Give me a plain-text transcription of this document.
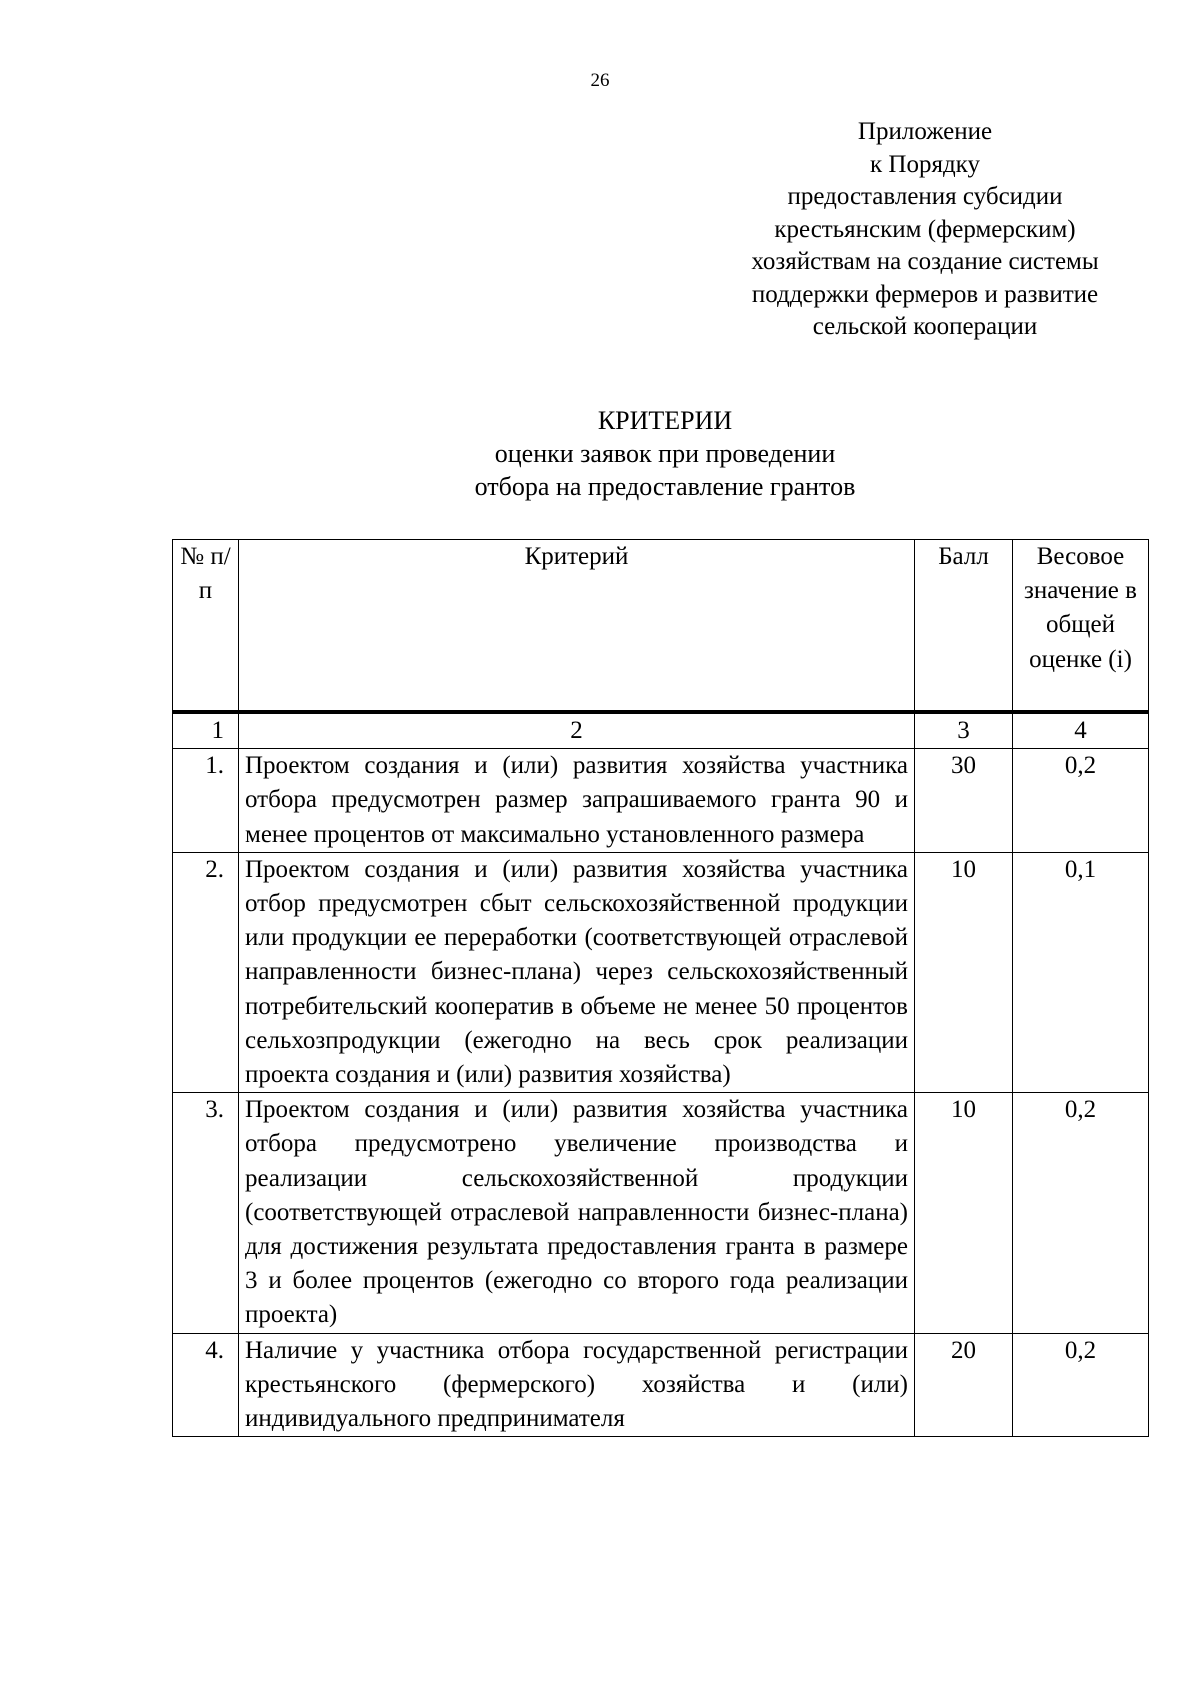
26
Приложение
к Порядку
предоставления субсидии
крестьянским (фермерским)
хозяйствам на создание системы
поддержки фермеров и развитие
сельской кооперации
КРИТЕРИИ
оценки заявок при проведении
отбора на предоставление грантов
№ п/п	Критерий	Балл	Весовое значение в общей оценке (i)
1	2	3	4
1.	Проектом создания и (или) развития хозяйства участника отбора предусмотрен размер запрашиваемого гранта 90 и менее процентов от максимально установленного размера	30	0,2
2.	Проектом создания и (или) развития хозяйства участника отбор предусмотрен сбыт сельскохозяйственной продукции или продукции ее переработки (соответствующей отраслевой направленности бизнес-плана) через сельскохозяйственный потребительский кооператив в объеме не менее 50 процентов сельхозпродукции (ежегодно на весь срок реализации проекта создания и (или) развития хозяйства)	10	0,1
3.	Проектом создания и (или) развития хозяйства участника отбора предусмотрено увеличение производства и реализации сельскохозяйственной продукции (соответствующей отраслевой направленности бизнес-плана) для достижения результата предоставления гранта в размере 3 и более процентов (ежегодно со второго года реализации проекта)	10	0,2
4.	Наличие у участника отбора государственной регистрации крестьянского (фермерского) хозяйства и (или) индивидуального предпринимателя	20	0,2
